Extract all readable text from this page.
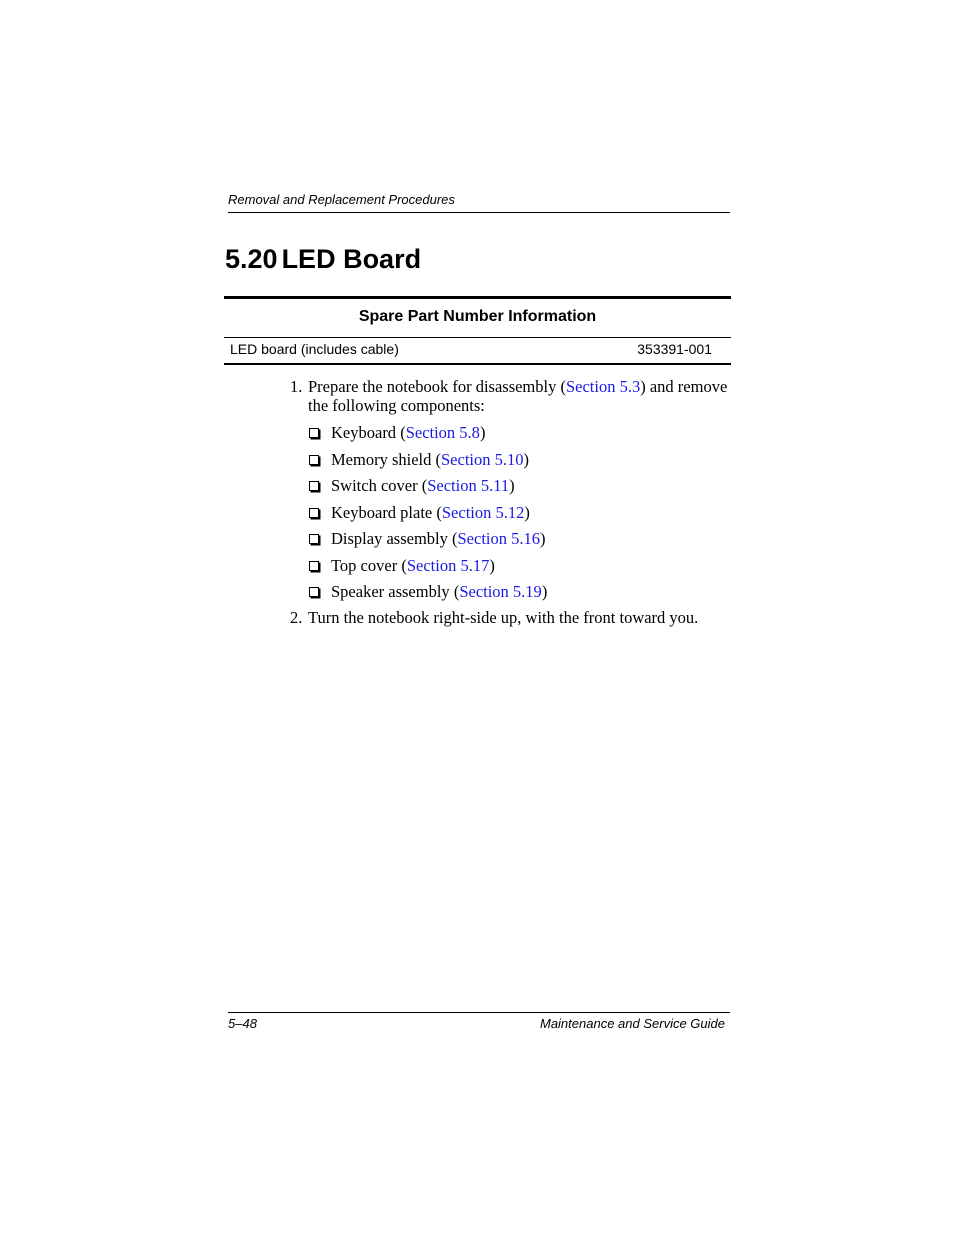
Removal and Replacement Procedures
5.20 LED Board
Spare Part Number Information
LED board (includes cable)	353391-001
1. Prepare the notebook for disassembly (Section 5.3) and remove the following components:
Keyboard (Section 5.8)
Memory shield (Section 5.10)
Switch cover (Section 5.11)
Keyboard plate (Section 5.12)
Display assembly (Section 5.16)
Top cover (Section 5.17)
Speaker assembly (Section 5.19)
2. Turn the notebook right-side up, with the front toward you.
5–48	Maintenance and Service Guide
